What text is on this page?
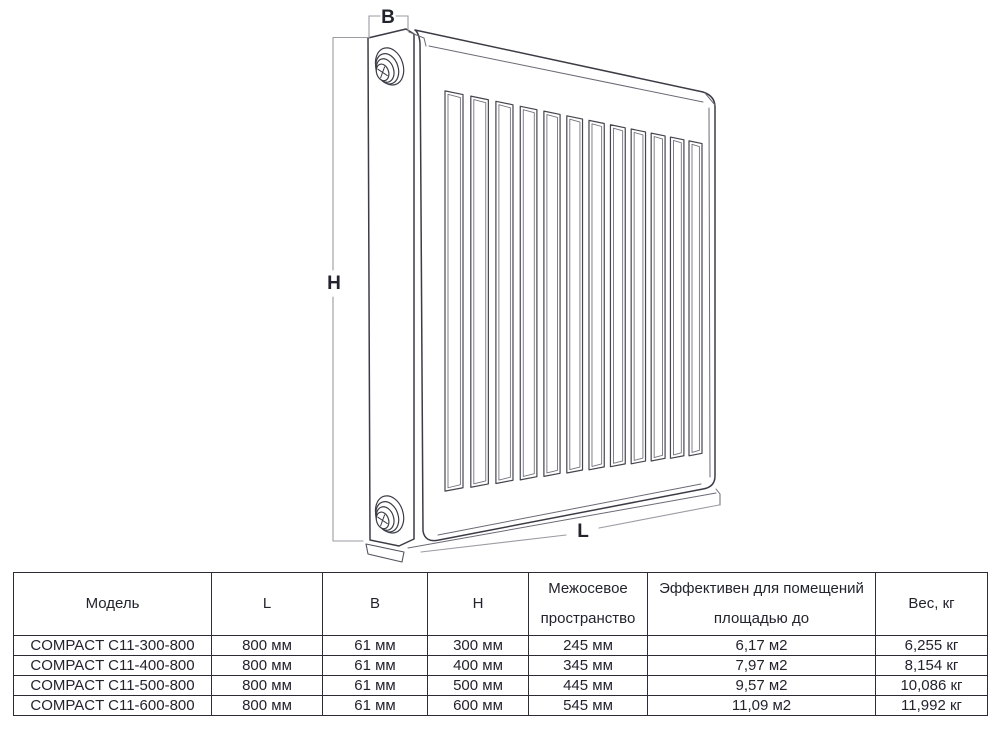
B
H
L
Модель	L	B	H	Межосевое пространство	Эффективен для помещений площадью до	Вес, кг
COMPACT C11-300-800	800 мм	61 мм	300 мм	245 мм	6,17 м2	6,255 кг
COMPACT C11-400-800	800 мм	61 мм	400 мм	345 мм	7,97 м2	8,154 кг
COMPACT C11-500-800	800 мм	61 мм	500 мм	445 мм	9,57 м2	10,086 кг
COMPACT C11-600-800	800 мм	61 мм	600 мм	545 мм	11,09 м2	11,992 кг
